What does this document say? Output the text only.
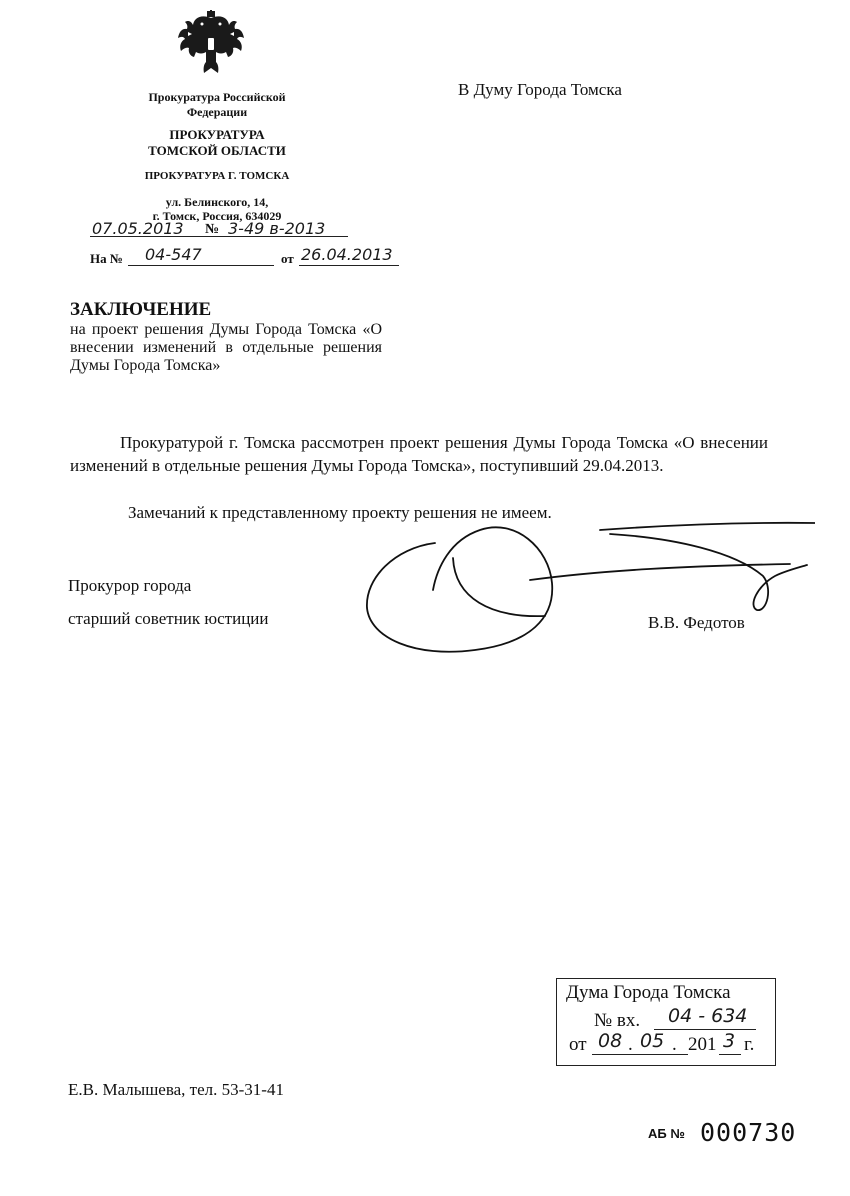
Прокуратура Российской
Федерации
ПРОКУРАТУРА
ТОМСКОЙ ОБЛАСТИ
ПРОКУРАТУРА Г. ТОМСКА
ул. Белинского, 14,
г. Томск, Россия, 634029
07.05.2013 № 3-49 в-2013
На № 04-547	от 26.04.2013
В Думу Города Томска
ЗАКЛЮЧЕНИЕ
на проект решения Думы Города Томска «О внесении изменений в отдельные решения Думы Города Томска»
Прокуратурой г. Томска рассмотрен проект решения Думы Города Томска «О внесении изменений в отдельные решения Думы Города Томска», поступивший 29.04.2013.
Замечаний к представленному проекту решения не имеем.
Прокурор города
старший советник юстиции	В.В. Федотов
Дума Города Томска
№ вх. 04 - 634
от 08 . 05 . 201 3 г.
Е.В. Малышева, тел. 53-31-41
АБ № 000730
